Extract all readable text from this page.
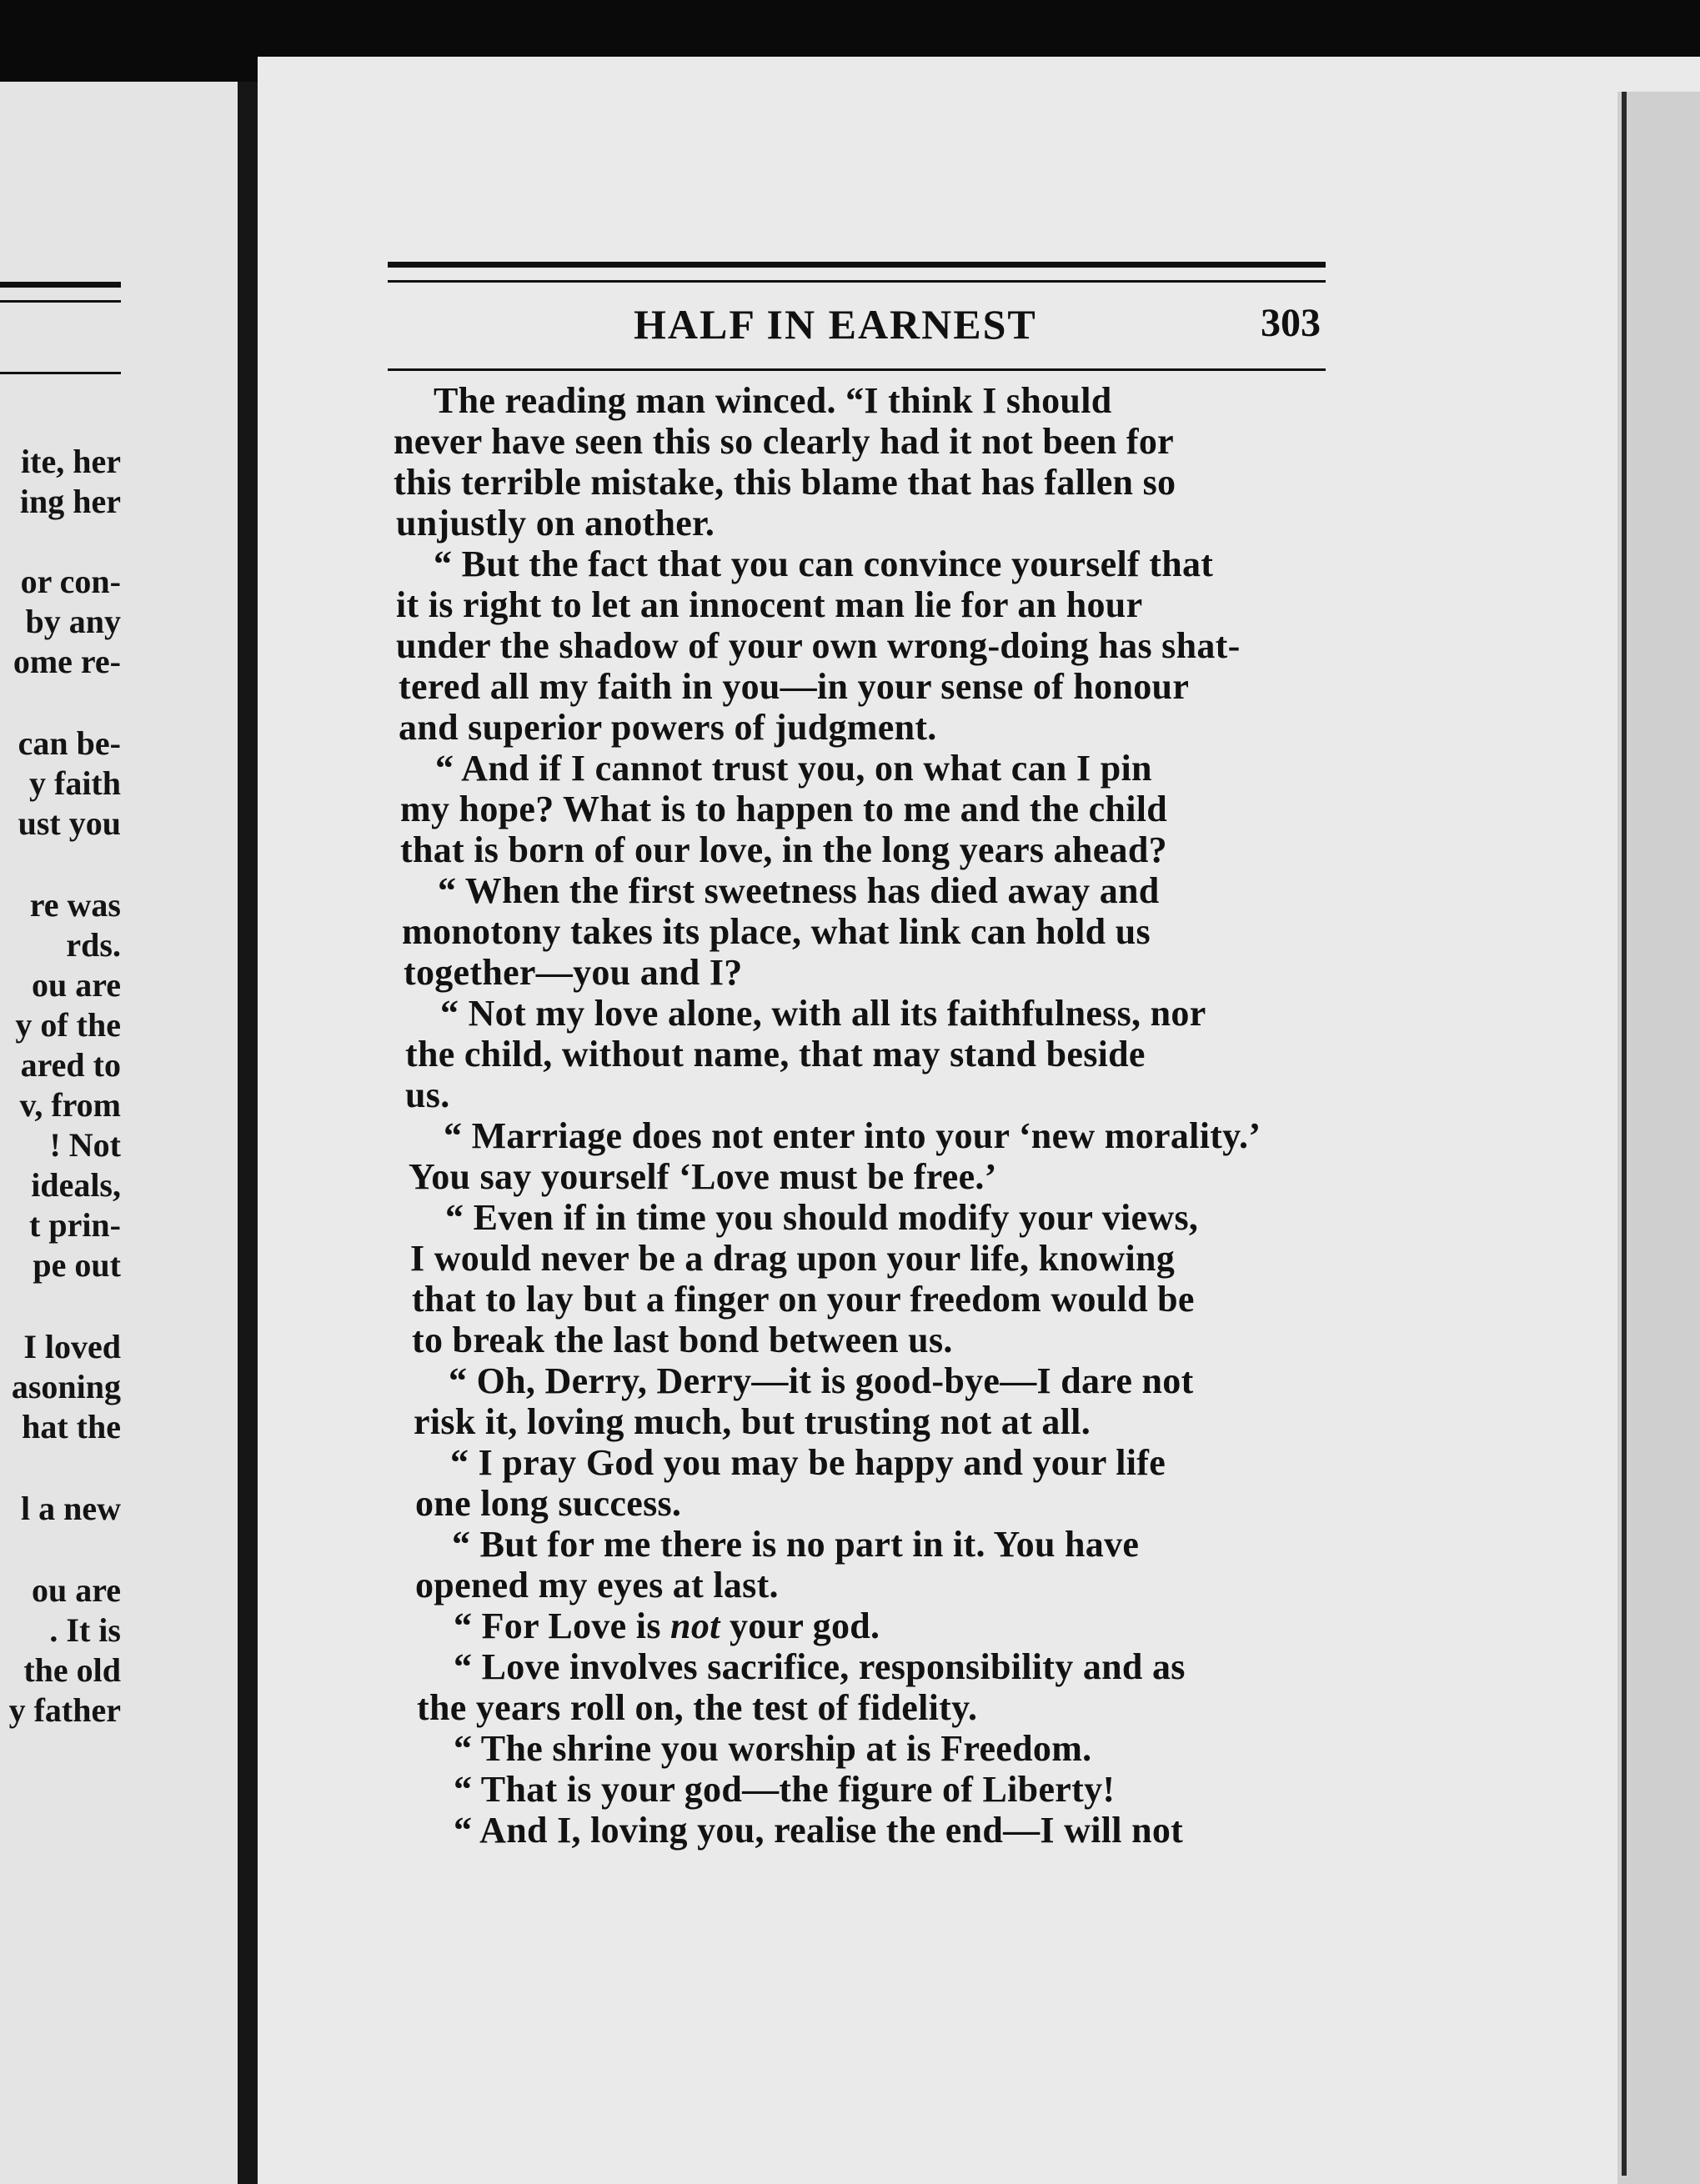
ite, her
ing her
or con-
by any
ome re-
can be-
y faith
ust you
re was
rds.
ou are
y of the
ared to
v, from
! Not
ideals,
t prin-
pe out
I loved
asoning
hat the
l a new
ou are
. It is
the old
y father
HALF IN EARNEST	303
The reading man winced. “I think I should
never have seen this so clearly had it not been for
this terrible mistake, this blame that has fallen so
unjustly on another.
“ But the fact that you can convince yourself that
it is right to let an innocent man lie for an hour
under the shadow of your own wrong-doing has shat-
tered all my faith in you—in your sense of honour
and superior powers of judgment.
“ And if I cannot trust you, on what can I pin
my hope? What is to happen to me and the child
that is born of our love, in the long years ahead?
“ When the first sweetness has died away and
monotony takes its place, what link can hold us
together—you and I?
“ Not my love alone, with all its faithfulness, nor
the child, without name, that may stand beside
us.
“ Marriage does not enter into your ‘new morality.’
You say yourself ‘Love must be free.’
“ Even if in time you should modify your views,
I would never be a drag upon your life, knowing
that to lay but a finger on your freedom would be
to break the last bond between us.
“ Oh, Derry, Derry—it is good-bye—I dare not
risk it, loving much, but trusting not at all.
“ I pray God you may be happy and your life
one long success.
“ But for me there is no part in it. You have
opened my eyes at last.
“ For Love is not your god.
“ Love involves sacrifice, responsibility and as
the years roll on, the test of fidelity.
“ The shrine you worship at is Freedom.
“ That is your god—the figure of Liberty!
“ And I, loving you, realise the end—I will not
